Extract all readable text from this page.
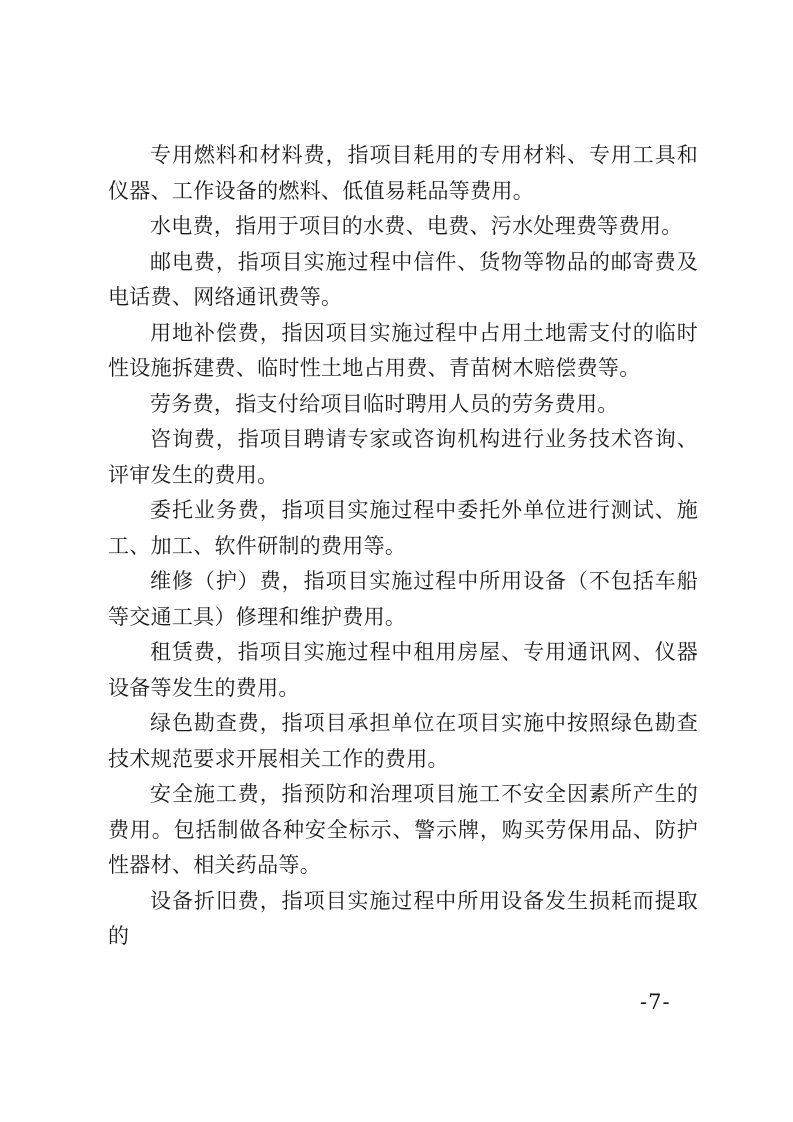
专用燃料和材料费，指项目耗用的专用材料、专用工具和仪器、工作设备的燃料、低值易耗品等费用。

水电费，指用于项目的水费、电费、污水处理费等费用。

邮电费，指项目实施过程中信件、货物等物品的邮寄费及电话费、网络通讯费等。

用地补偿费，指因项目实施过程中占用土地需支付的临时性设施拆建费、临时性土地占用费、青苗树木赔偿费等。

劳务费，指支付给项目临时聘用人员的劳务费用。

咨询费，指项目聘请专家或咨询机构进行业务技术咨询、评审发生的费用。

委托业务费，指项目实施过程中委托外单位进行测试、施工、加工、软件研制的费用等。

维修（护）费，指项目实施过程中所用设备（不包括车船等交通工具）修理和维护费用。

租赁费，指项目实施过程中租用房屋、专用通讯网、仪器设备等发生的费用。

绿色勘查费，指项目承担单位在项目实施中按照绿色勘查技术规范要求开展相关工作的费用。

安全施工费，指预防和治理项目施工不安全因素所产生的费用。包括制做各种安全标示、警示牌，购买劳保用品、防护性器材、相关药品等。

设备折旧费，指项目实施过程中所用设备发生损耗而提取的

-7-
